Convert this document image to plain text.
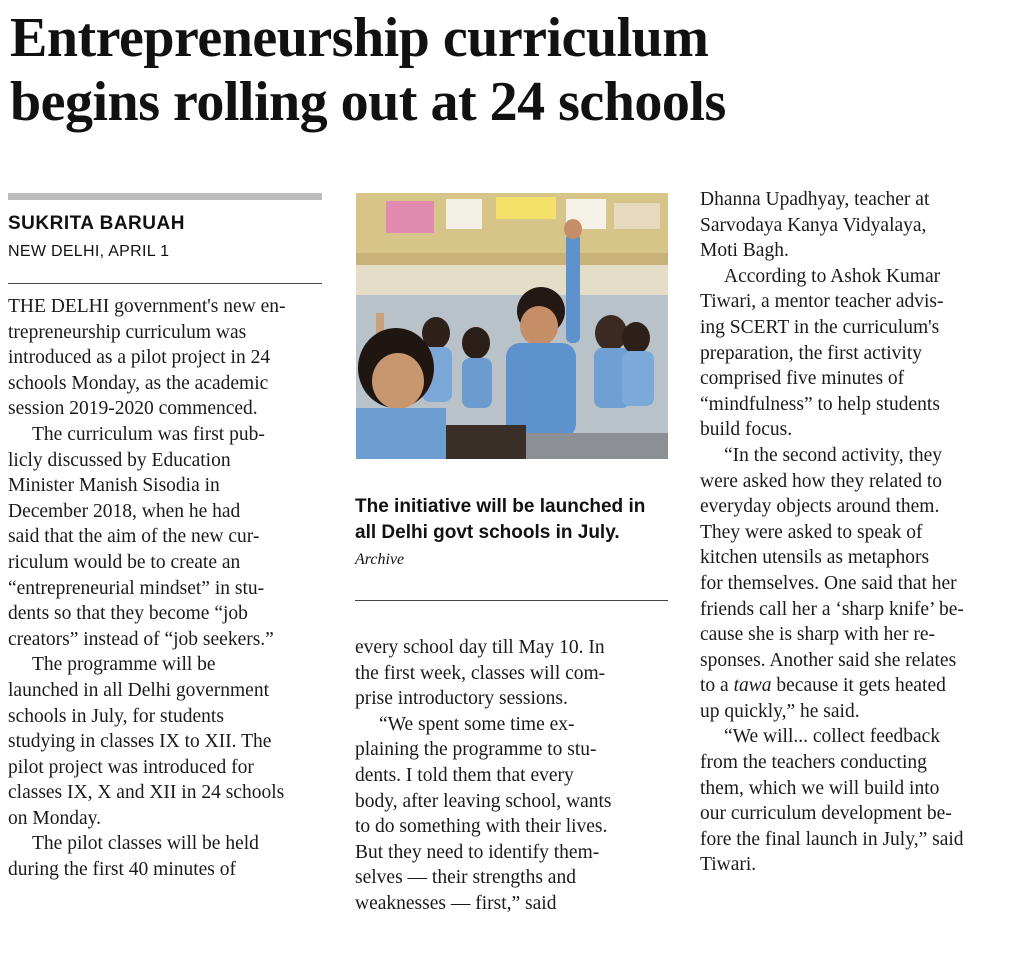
Entrepreneurship curriculum
begins rolling out at 24 schools
SUKRITA BARUAH
NEW DELHI, APRIL 1

THE DELHI government's new en-

trepreneurship curriculum was

introduced as a pilot project in 24

schools Monday, as the academic

session 2019-2020 commenced.

The curriculum was first pub-

licly discussed by Education

Minister Manish Sisodia in

December 2018, when he had

said that the aim of the new cur-

riculum would be to create an

“entrepreneurial mindset” in stu-

dents so that they become “job

creators” instead of “job seekers.”

The programme will be

launched in all Delhi government

schools in July, for students

studying in classes IX to XII. The

pilot project was introduced for

classes IX, X and XII in 24 schools

on Monday.

The pilot classes will be held

during the first 40 minutes of

The initiative will be launched in all Delhi govt schools in July. Archive

every school day till May 10. In

the first week, classes will com-

prise introductory sessions.

“We spent some time ex-

plaining the programme to stu-

dents. I told them that every

body, after leaving school, wants

to do something with their lives.

But they need to identify them-

selves — their strengths and

weaknesses — first,” said

Dhanna Upadhyay, teacher at

Sarvodaya Kanya Vidyalaya,

Moti Bagh.

According to Ashok Kumar

Tiwari, a mentor teacher advis-

ing SCERT in the curriculum's

preparation, the first activity

comprised five minutes of

“mindfulness” to help students

build focus.

“In the second activity, they

were asked how they related to

everyday objects around them.

They were asked to speak of

kitchen utensils as metaphors

for themselves. One said that her

friends call her a ‘sharp knife’ be-

cause she is sharp with her re-

sponses. Another said she relates

to a tawa because it gets heated

up quickly,” he said.

“We will... collect feedback

from the teachers conducting

them, which we will build into

our curriculum development be-

fore the final launch in July,” said

Tiwari.
